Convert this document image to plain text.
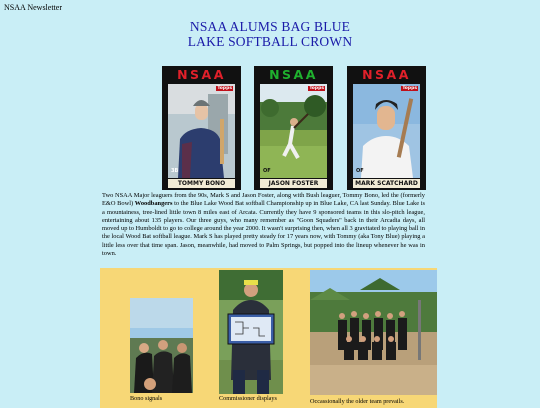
NSAA Newsletter
NSAA ALUMS BAG BLUE
LAKE SOFTBALL CROWN
NSAA
3B
Topps
TOMMY BONO
NSAA
OF
Topps
JASON FOSTER
NSAA
OF
Topps
MARK SCATCHARD
Two NSAA Major leaguers from the 90s, Mark S and Jason Foster, along with Bush leaguer, Tommy Bono, led the (formerly E&O Bowl) Woodbangers to the Blue Lake Wood Bat softball Championship up in Blue Lake, CA last Sunday. Blue Lake is a mountainess, tree-lined little town 8 miles east of Arcata. Currently they have 9 sponsored teams in this slo-pitch league, entertaining about 135 players. Our three guys, who many remember as "Goon Squaders" back in their Arcadia days, all moved up to Humboldt to go to college around the year 2000. It wasn't surprising then, when all 3 gravitated to playing ball in the local Wood Bat softball league. Mark S has played pretty steady for 17 years now, with Tommy (aka Tony Blue) playing a little less over that time span. Jason, meanwhile, had moved to Palm Springs, but popped into the lineup whenever he was in town.
Bono signals	Commissioner displays	Occassionally the older team prevails.
